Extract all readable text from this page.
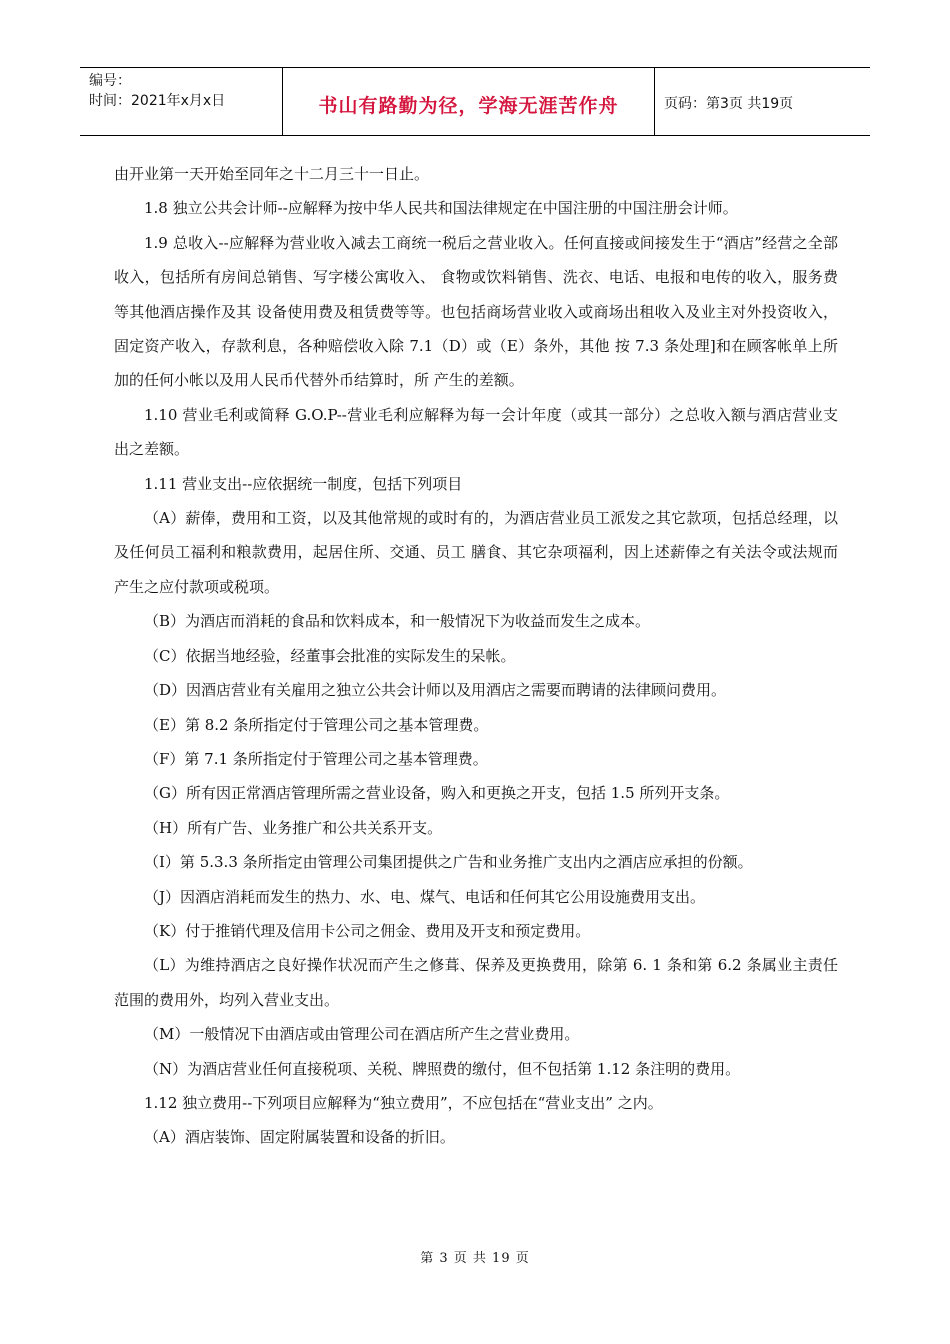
编号：
时间：2021年x月x日	书山有路勤为径，学海无涯苦作舟	页码：第3页 共19页

由开业第一天开始至同年之十二月三十一日止。

1.8 独立公共会计师--应解释为按中华人民共和国法律规定在中国注册的中国注册会计师。

1.9 总收入--应解释为营业收入减去工商统一税后之营业收入。任何直接或间接发生于“酒店”经营之全部收入，包括所有房间总销售、写字楼公寓收入、 食物或饮料销售、洗衣、电话、电报和电传的收入，服务费等其他酒店操作及其 设备使用费及租赁费等等。也包括商场营业收入或商场出租收入及业主对外投资收入，固定资产收入，存款利息，各种赔偿收入除 7.1（D）或（E）条外，其他 按 7.3 条处理]和在顾客帐单上所加的任何小帐以及用人民币代替外币结算时，所 产生的差额。

1.10 营业毛利或简释 G.O.P--营业毛利应解释为每一会计年度（或其一部分）之总收入额与酒店营业支出之差额。

1.11 营业支出--应依据统一制度，包括下列项目

（A）薪俸，费用和工资，以及其他常规的或时有的，为酒店营业员工派发之其它款项，包括总经理，以及任何员工福利和粮款费用，起居住所、交通、员工 膳食、其它杂项福利，因上述薪俸之有关法令或法规而产生之应付款项或税项。

（B）为酒店而消耗的食品和饮料成本，和一般情况下为收益而发生之成本。

（C）依据当地经验，经董事会批准的实际发生的呆帐。

（D）因酒店营业有关雇用之独立公共会计师以及用酒店之需要而聘请的法律顾问费用。

（E）第 8.2 条所指定付于管理公司之基本管理费。

（F）第 7.1 条所指定付于管理公司之基本管理费。

（G）所有因正常酒店管理所需之营业设备，购入和更换之开支，包括 1.5 所列开支条。

（H）所有广告、业务推广和公共关系开支。

（I）第 5.3.3 条所指定由管理公司集团提供之广告和业务推广支出内之酒店应承担的份额。

（J）因酒店消耗而发生的热力、水、电、煤气、电话和任何其它公用设施费用支出。

（K）付于推销代理及信用卡公司之佣金、费用及开支和预定费用。

（L）为维持酒店之良好操作状况而产生之修葺、保养及更换费用，除第 6. 1 条和第 6.2 条属业主责任范围的费用外，均列入营业支出。

（M）一般情况下由酒店或由管理公司在酒店所产生之营业费用。

（N）为酒店营业任何直接税项、关税、牌照费的缴付，但不包括第 1.12 条注明的费用。

1.12 独立费用--下列项目应解释为“独立费用”，不应包括在“营业支出” 之内。

（A）酒店装饰、固定附属装置和设备的折旧。

第 3 页 共 19 页
